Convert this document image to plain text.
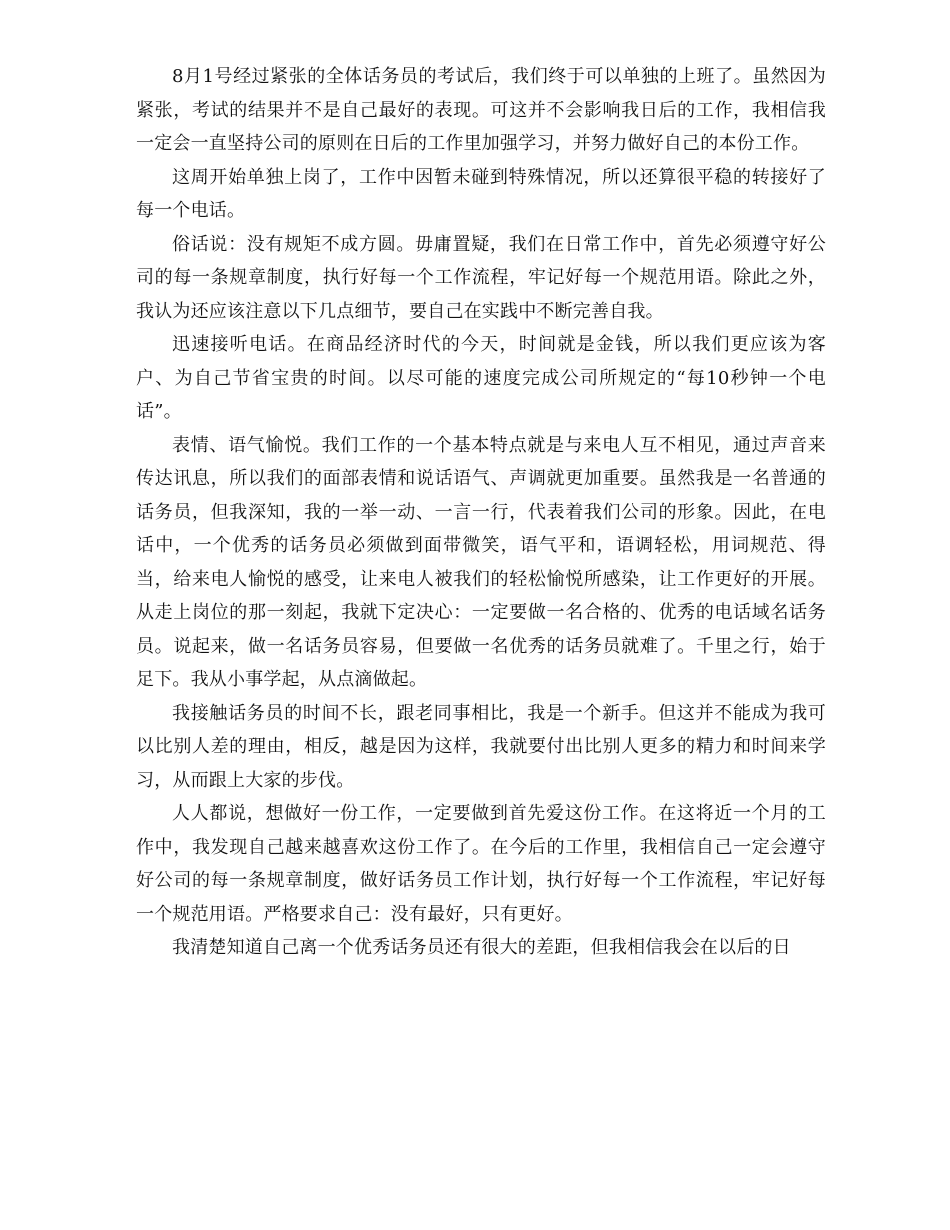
8月1号经过紧张的全体话务员的考试后，我们终于可以单独的上班了。虽然因为紧张，考试的结果并不是自己最好的表现。可这并不会影响我日后的工作，我相信我一定会一直坚持公司的原则在日后的工作里加强学习，并努力做好自己的本份工作。

这周开始单独上岗了，工作中因暂未碰到特殊情况，所以还算很平稳的转接好了每一个电话。

俗话说：没有规矩不成方圆。毋庸置疑，我们在日常工作中，首先必须遵守好公司的每一条规章制度，执行好每一个工作流程，牢记好每一个规范用语。除此之外，我认为还应该注意以下几点细节，要自己在实践中不断完善自我。

迅速接听电话。在商品经济时代的今天，时间就是金钱，所以我们更应该为客户、为自己节省宝贵的时间。以尽可能的速度完成公司所规定的“每10秒钟一个电话”。

表情、语气愉悦。我们工作的一个基本特点就是与来电人互不相见，通过声音来传达讯息，所以我们的面部表情和说话语气、声调就更加重要。虽然我是一名普通的话务员，但我深知，我的一举一动、一言一行，代表着我们公司的形象。因此，在电话中，一个优秀的话务员必须做到面带微笑，语气平和，语调轻松，用词规范、得当，给来电人愉悦的感受，让来电人被我们的轻松愉悦所感染，让工作更好的开展。从走上岗位的那一刻起，我就下定决心：一定要做一名合格的、优秀的电话域名话务员。说起来，做一名话务员容易，但要做一名优秀的话务员就难了。千里之行，始于足下。我从小事学起，从点滴做起。

我接触话务员的时间不长，跟老同事相比，我是一个新手。但这并不能成为我可以比别人差的理由，相反，越是因为这样，我就要付出比别人更多的精力和时间来学习，从而跟上大家的步伐。

人人都说，想做好一份工作，一定要做到首先爱这份工作。在这将近一个月的工作中，我发现自己越来越喜欢这份工作了。在今后的工作里，我相信自己一定会遵守好公司的每一条规章制度，做好话务员工作计划，执行好每一个工作流程，牢记好每一个规范用语。严格要求自己：没有最好，只有更好。

我清楚知道自己离一个优秀话务员还有很大的差距，但我相信我会在以后的日
